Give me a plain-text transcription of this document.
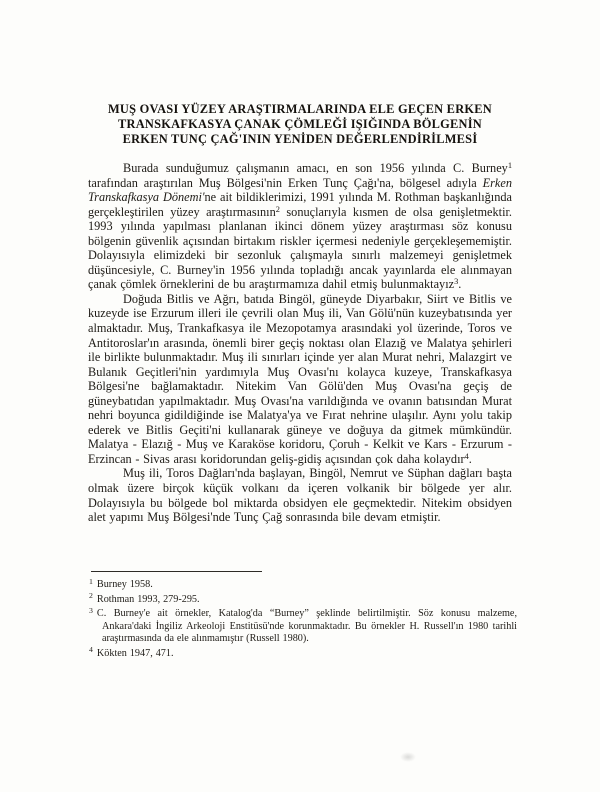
MUŞ OVASI YÜZEY ARAŞTIRMALARINDA ELE GEÇEN ERKEN
TRANSKAFKASYA ÇANAK ÇÖMLEĞİ IŞIĞINDA BÖLGENİN
ERKEN TUNÇ ÇAĞ'ININ YENİDEN DEĞERLENDİRİLMESİ

Burada sunduğumuz çalışmanın amacı, en son 1956 yılında C. Burney$^1$ tarafından araştırılan Muş Bölgesi'nin Erken Tunç Çağı'na, bölgesel adıyla Erken Transkafkasya Dönemi'ne ait bildiklerimizi, 1991 yılında M. Rothman başkanlığında gerçekleştirilen yüzey araştırmasının$^2$ sonuçlarıyla kısmen de olsa genişletmektir. 1993 yılında yapılması planlanan ikinci dönem yüzey araştırması söz konusu bölgenin güvenlik açısından birtakım riskler içermesi nedeniyle gerçekleşememiştir. Dolayısıyla elimizdeki bir sezonluk çalışmayla sınırlı malzemeyi genişletmek düşüncesiyle, C. Burney'in 1956 yılında topladığı ancak yayınlarda ele alınmayan çanak çömlek örneklerini de bu araştırmamıza dahil etmiş bulunmaktayız$^3$.

Doğuda Bitlis ve Ağrı, batıda Bingöl, güneyde Diyarbakır, Siirt ve Bitlis ve kuzeyde ise Erzurum illeri ile çevrili olan Muş ili, Van Gölü'nün kuzeybatısında yer almaktadır. Muş, Trankafkasya ile Mezopotamya arasındaki yol üzerinde, Toros ve Antitoroslar'ın arasında, önemli birer geçiş noktası olan Elazığ ve Malatya şehirleri ile birlikte bulunmaktadır. Muş ili sınırları içinde yer alan Murat nehri, Malazgirt ve Bulanık Geçitleri'nin yardımıyla Muş Ovası'nı kolayca kuzeye, Transkafkasya Bölgesi'ne bağlamaktadır. Nitekim Van Gölü'den Muş Ovası'na geçiş de güneybatıdan yapılmaktadır. Muş Ovası'na varıldığında ve ovanın batısından Murat nehri boyunca gidildiğinde ise Malatya'ya ve Fırat nehrine ulaşılır. Aynı yolu takip ederek ve Bitlis Geçiti'ni kullanarak güneye ve doğuya da gitmek mümkündür. Malatya - Elazığ - Muş ve Karaköse koridoru, Çoruh - Kelkit ve Kars - Erzurum - Erzincan - Sivas arası koridorundan geliş-gidiş açısından çok daha kolaydır$^4$.

Muş ili, Toros Dağları'nda başlayan, Bingöl, Nemrut ve Süphan dağları başta olmak üzere birçok küçük volkanı da içeren volkanik bir bölgede yer alır. Dolayısıyla bu bölgede bol miktarda obsidyen ele geçmektedir. Nitekim obsidyen alet yapımı Muş Bölgesi'nde Tunç Çağ sonrasında bile devam etmiştir.

$^1$ Burney 1958.
$^2$ Rothman 1993, 279-295.
$^3$ C. Burney'e ait örnekler, Katalog'da “Burney” şeklinde belirtilmiştir. Söz konusu malzeme, Ankara'daki İngiliz Arkeoloji Enstitüsü'nde korunmaktadır. Bu örnekler H. Russell'ın 1980 tarihli araştırmasında da ele alınmamıştır (Russell 1980).
$^4$ Kökten 1947, 471.
